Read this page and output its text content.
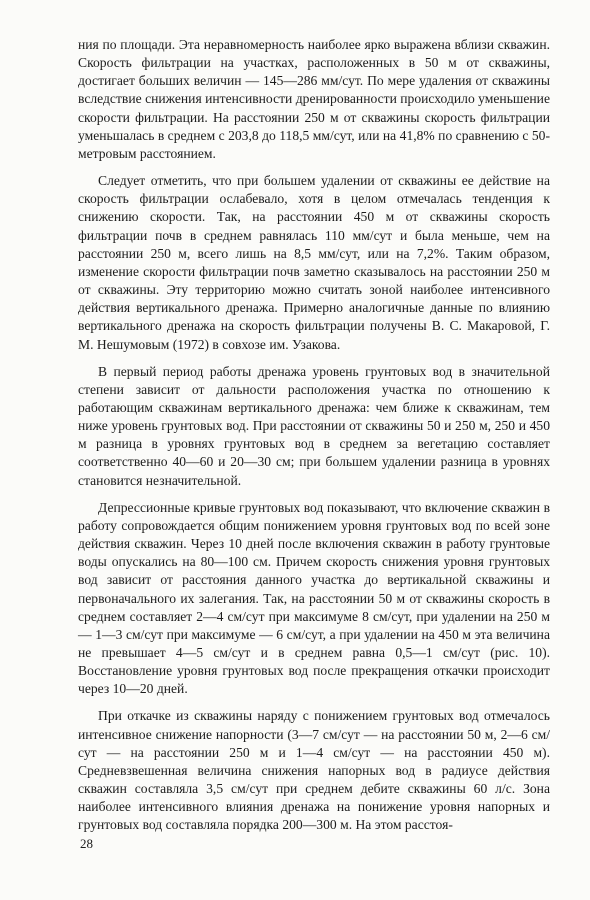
ния по площади. Эта неравномерность наиболее ярко выражена вблизи скважин. Скорость фильтрации на участках, расположенных в 50 м от скважины, достигает больших величин — 145—286 мм/сут. По мере удаления от скважины вследствие снижения интенсивности дренированности происходило уменьшение скорости фильтрации. На расстоянии 250 м от скважины скорость фильтрации уменьшалась в среднем с 203,8 до 118,5 мм/сут, или на 41,8% по сравнению с 50-метровым расстоянием.

Следует отметить, что при большем удалении от скважины ее действие на скорость фильтрации ослабевало, хотя в целом отмечалась тенденция к снижению скорости. Так, на расстоянии 450 м от скважины скорость фильтрации почв в среднем равнялась 110 мм/сут и была меньше, чем на расстоянии 250 м, всего лишь на 8,5 мм/сут, или на 7,2%. Таким образом, изменение скорости фильтрации почв заметно сказывалось на расстоянии 250 м от скважины. Эту территорию можно считать зоной наиболее интенсивного действия вертикального дренажа. Примерно аналогичные данные по влиянию вертикального дренажа на скорость фильтрации получены В. С. Макаровой, Г. М. Нешумовым (1972) в совхозе им. Узакова.

В первый период работы дренажа уровень грунтовых вод в значительной степени зависит от дальности расположения участка по отношению к работающим скважинам вертикального дренажа: чем ближе к скважинам, тем ниже уровень грунтовых вод. При расстоянии от скважины 50 и 250 м, 250 и 450 м разница в уровнях грунтовых вод в среднем за вегетацию составляет соответственно 40—60 и 20—30 см; при большем удалении разница в уровнях становится незначительной.

Депрессионные кривые грунтовых вод показывают, что включение скважин в работу сопровождается общим понижением уровня грунтовых вод по всей зоне действия скважин. Через 10 дней после включения скважин в работу грунтовые воды опускались на 80—100 см. Причем скорость снижения уровня грунтовых вод зависит от расстояния данного участка до вертикальной скважины и первоначального их залегания. Так, на расстоянии 50 м от скважины скорость в среднем составляет 2—4 см/сут при максимуме 8 см/сут, при удалении на 250 м — 1—3 см/сут при максимуме — 6 см/сут, а при удалении на 450 м эта величина не превышает 4—5 см/сут и в среднем равна 0,5—1 см/сут (рис. 10). Восстановление уровня грунтовых вод после прекращения откачки происходит через 10—20 дней.

При откачке из скважины наряду с понижением грунтовых вод отмечалось интенсивное снижение напорности (3—7 см/сут — на расстоянии 50 м, 2—6 см/сут — на расстоянии 250 м и 1—4 см/сут — на расстоянии 450 м). Средневзвешенная величина снижения напорных вод в радиусе действия скважин составляла 3,5 см/сут при среднем дебите скважины 60 л/с. Зона наиболее интенсивного влияния дренажа на понижение уровня напорных и грунтовых вод составляла порядка 200—300 м. На этом расстоя-

28
